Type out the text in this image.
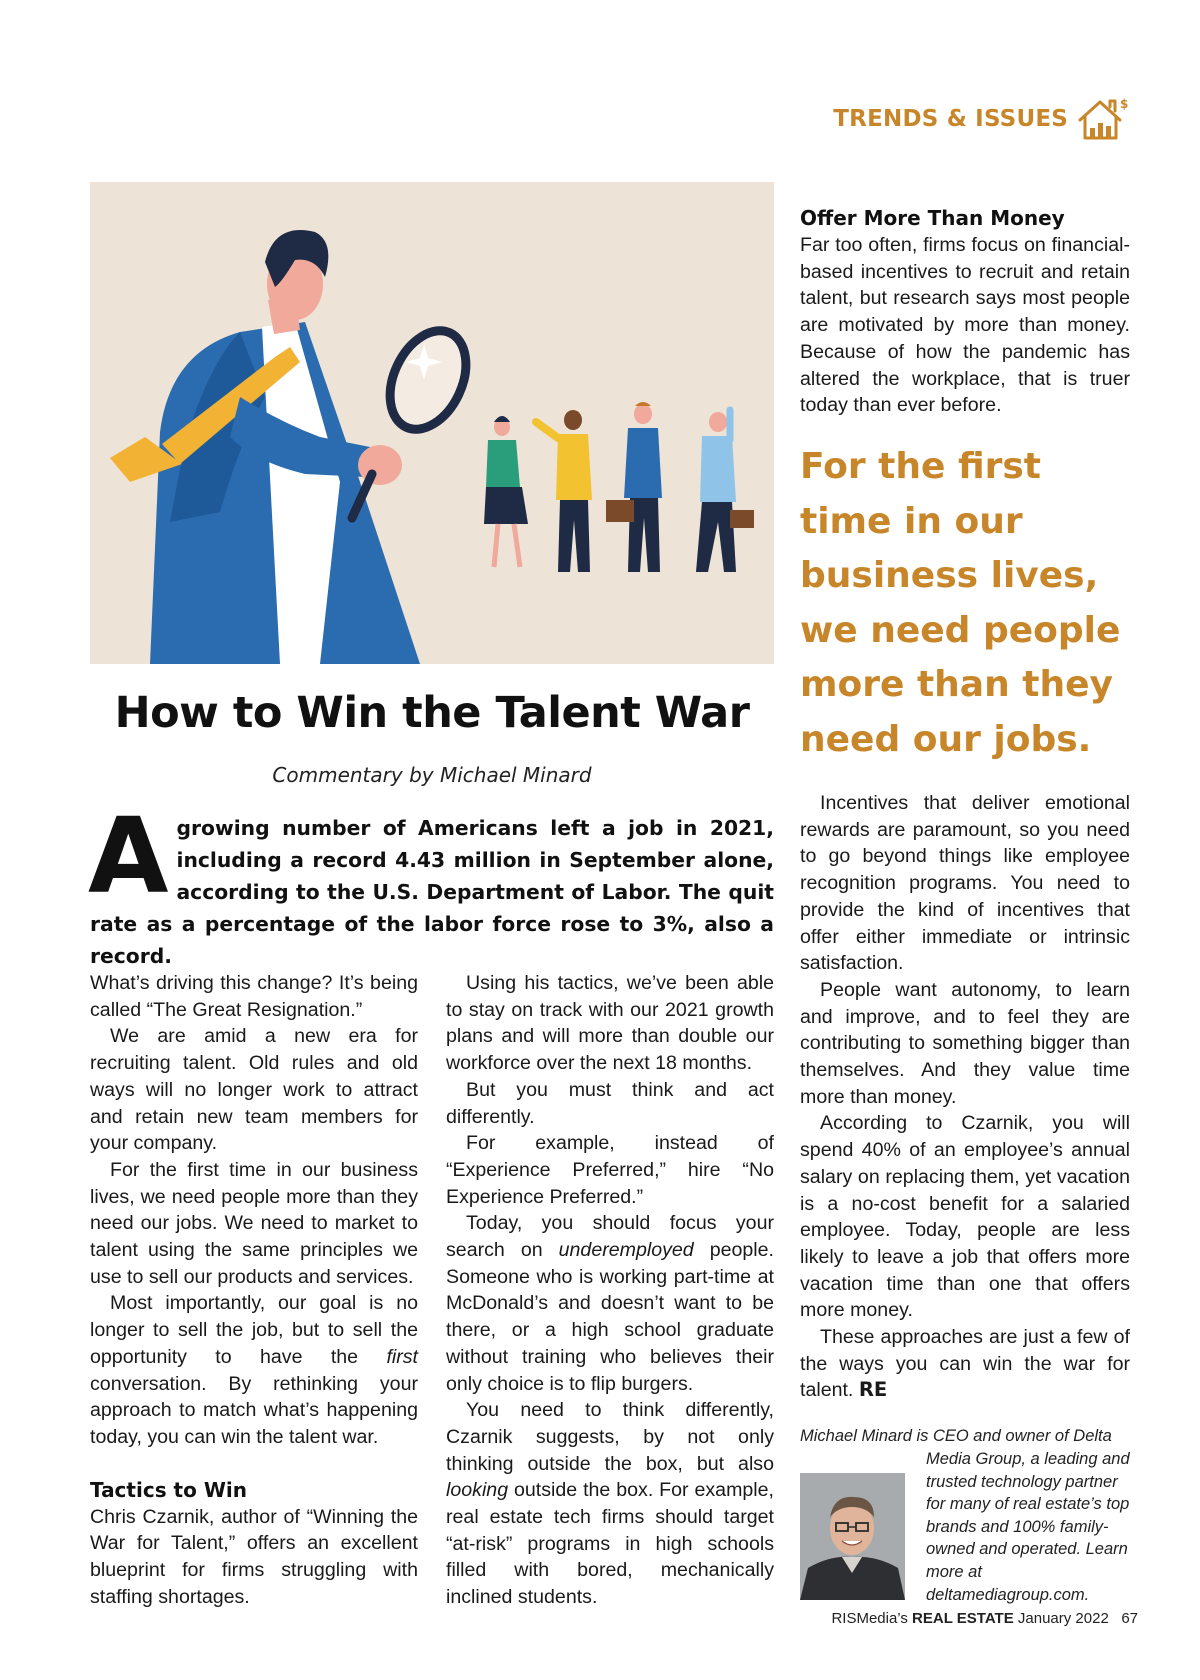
TRENDS & ISSUES
$
How to Win the Talent War
Commentary by Michael Minard
A growing number of Americans left a job in 2021, including a record 4.43 million in September alone, according to the U.S. Department of Labor. The quit rate as a percentage of the labor force rose to 3%, also a record.

What’s driving this change? It’s being called “The Great Resignation.”

We are amid a new era for recruiting talent. Old rules and old ways will no longer work to attract and retain new team members for your company.

For the first time in our business lives, we need people more than they need our jobs. We need to market to talent using the same principles we use to sell our products and services.

Most importantly, our goal is no longer to sell the job, but to sell the opportunity to have the first conversation. By rethinking your approach to match what’s happening today, you can win the talent war.

Tactics to Win

Chris Czarnik, author of “Winning the War for Talent,” offers an excellent blueprint for firms struggling with staffing shortages.

Using his tactics, we’ve been able to stay on track with our 2021 growth plans and will more than double our workforce over the next 18 months.

But you must think and act differently.

For example, instead of “Experience Preferred,” hire “No Experience Preferred.”

Today, you should focus your search on underemployed people. Someone who is working part-time at McDonald’s and doesn’t want to be there, or a high school graduate without training who believes their only choice is to flip burgers.

You need to think differently, Czarnik suggests, by not only thinking outside the box, but also looking outside the box. For example, real estate tech firms should target “at-risk” programs in high schools filled with bored, mechanically inclined students.

Offer More Than Money

Far too often, firms focus on financial-based incentives to recruit and retain talent, but research says most people are motivated by more than money. Because of how the pandemic has altered the workplace, that is truer today than ever before.

For the first time in our business lives, we need people more than they need our jobs.

Incentives that deliver emotional rewards are paramount, so you need to go beyond things like employee recognition programs. You need to provide the kind of incentives that offer either immediate or intrinsic satisfaction.

People want autonomy, to learn and improve, and to feel they are contributing to something bigger than themselves. And they value time more than money.

According to Czarnik, you will spend 40% of an employee’s annual salary on replacing them, yet vacation is a no-cost benefit for a salaried employee. Today, people are less likely to leave a job that offers more vacation time than one that offers more money.

These approaches are just a few of the ways you can win the war for talent. RE

Michael Minard is CEO and owner of Delta
Media Group, a leading and trusted technology partner for many of real estate’s top brands and 100% family-owned and operated. Learn more at deltamediagroup.com.
RISMedia’s REAL ESTATE January 2022 67
